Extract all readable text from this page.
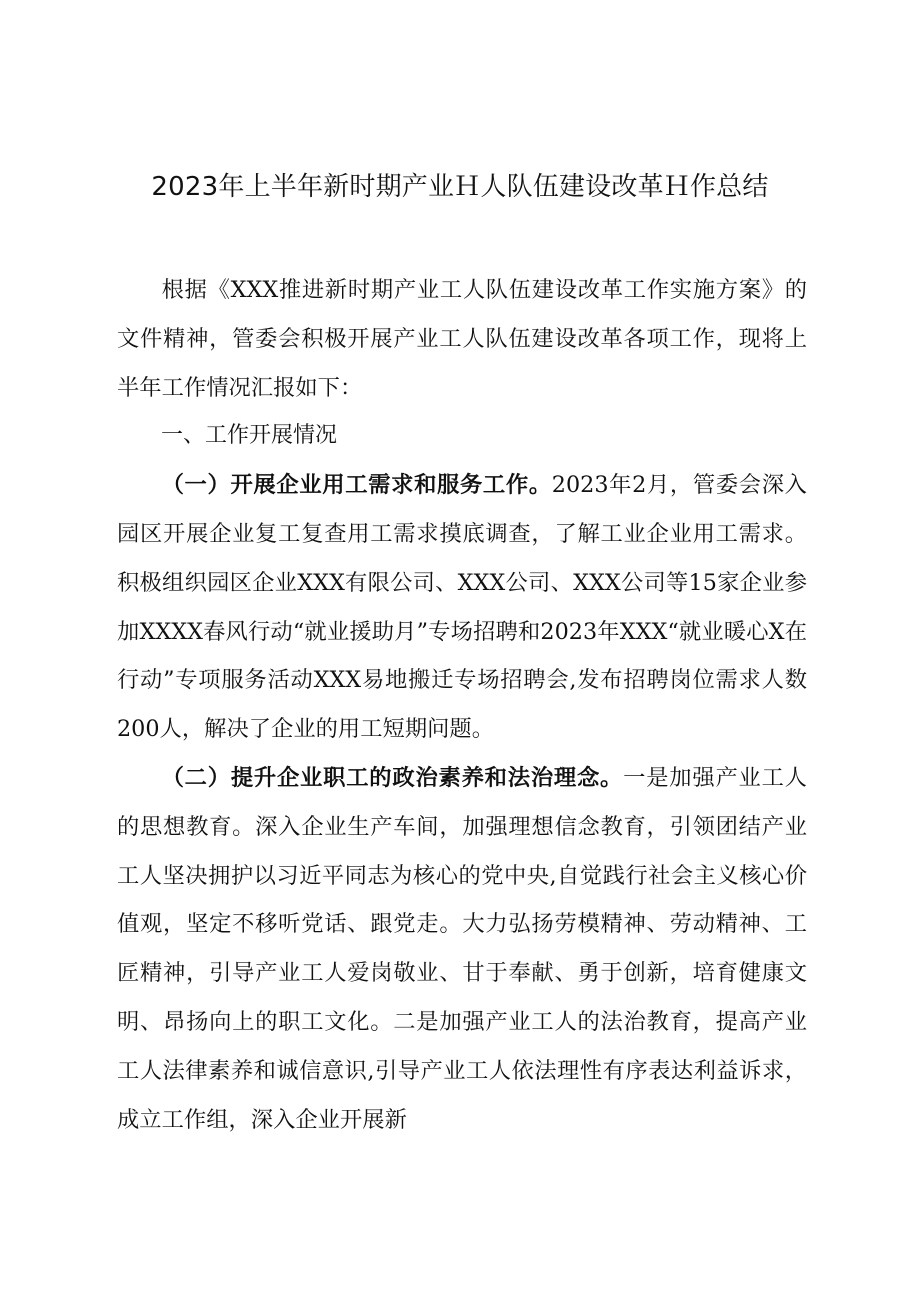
2023年上半年新时期产业Ｈ人队伍建设改革Ｈ作总结

根据《XXX推进新时期产业工人队伍建设改革工作实施方案》的文件精神，管委会积极开展产业工人队伍建设改革各项工作，现将上半年工作情况汇报如下：

一、工作开展情况

（一）开展企业用工需求和服务工作。2023年2月，管委会深入园区开展企业复工复查用工需求摸底调查，了解工业企业用工需求。积极组织园区企业XXX有限公司、XXX公司、XXX公司等15家企业参加XXXX春风行动“就业援助月”专场招聘和2023年XXX“就业暖心X在行动”专项服务活动XXX易地搬迁专场招聘会,发布招聘岗位需求人数200人，解决了企业的用工短期问题。

（二）提升企业职工的政治素养和法治理念。一是加强产业工人的思想教育。深入企业生产车间，加强理想信念教育，引领团结产业工人坚决拥护以习近平同志为核心的党中央,自觉践行社会主义核心价值观，坚定不移听党话、跟党走。大力弘扬劳模精神、劳动精神、工匠精神，引导产业工人爱岗敬业、甘于奉献、勇于创新，培育健康文明、昂扬向上的职工文化。二是加强产业工人的法治教育，提高产业工人法律素养和诚信意识,引导产业工人依法理性有序表达利益诉求，成立工作组，深入企业开展新
